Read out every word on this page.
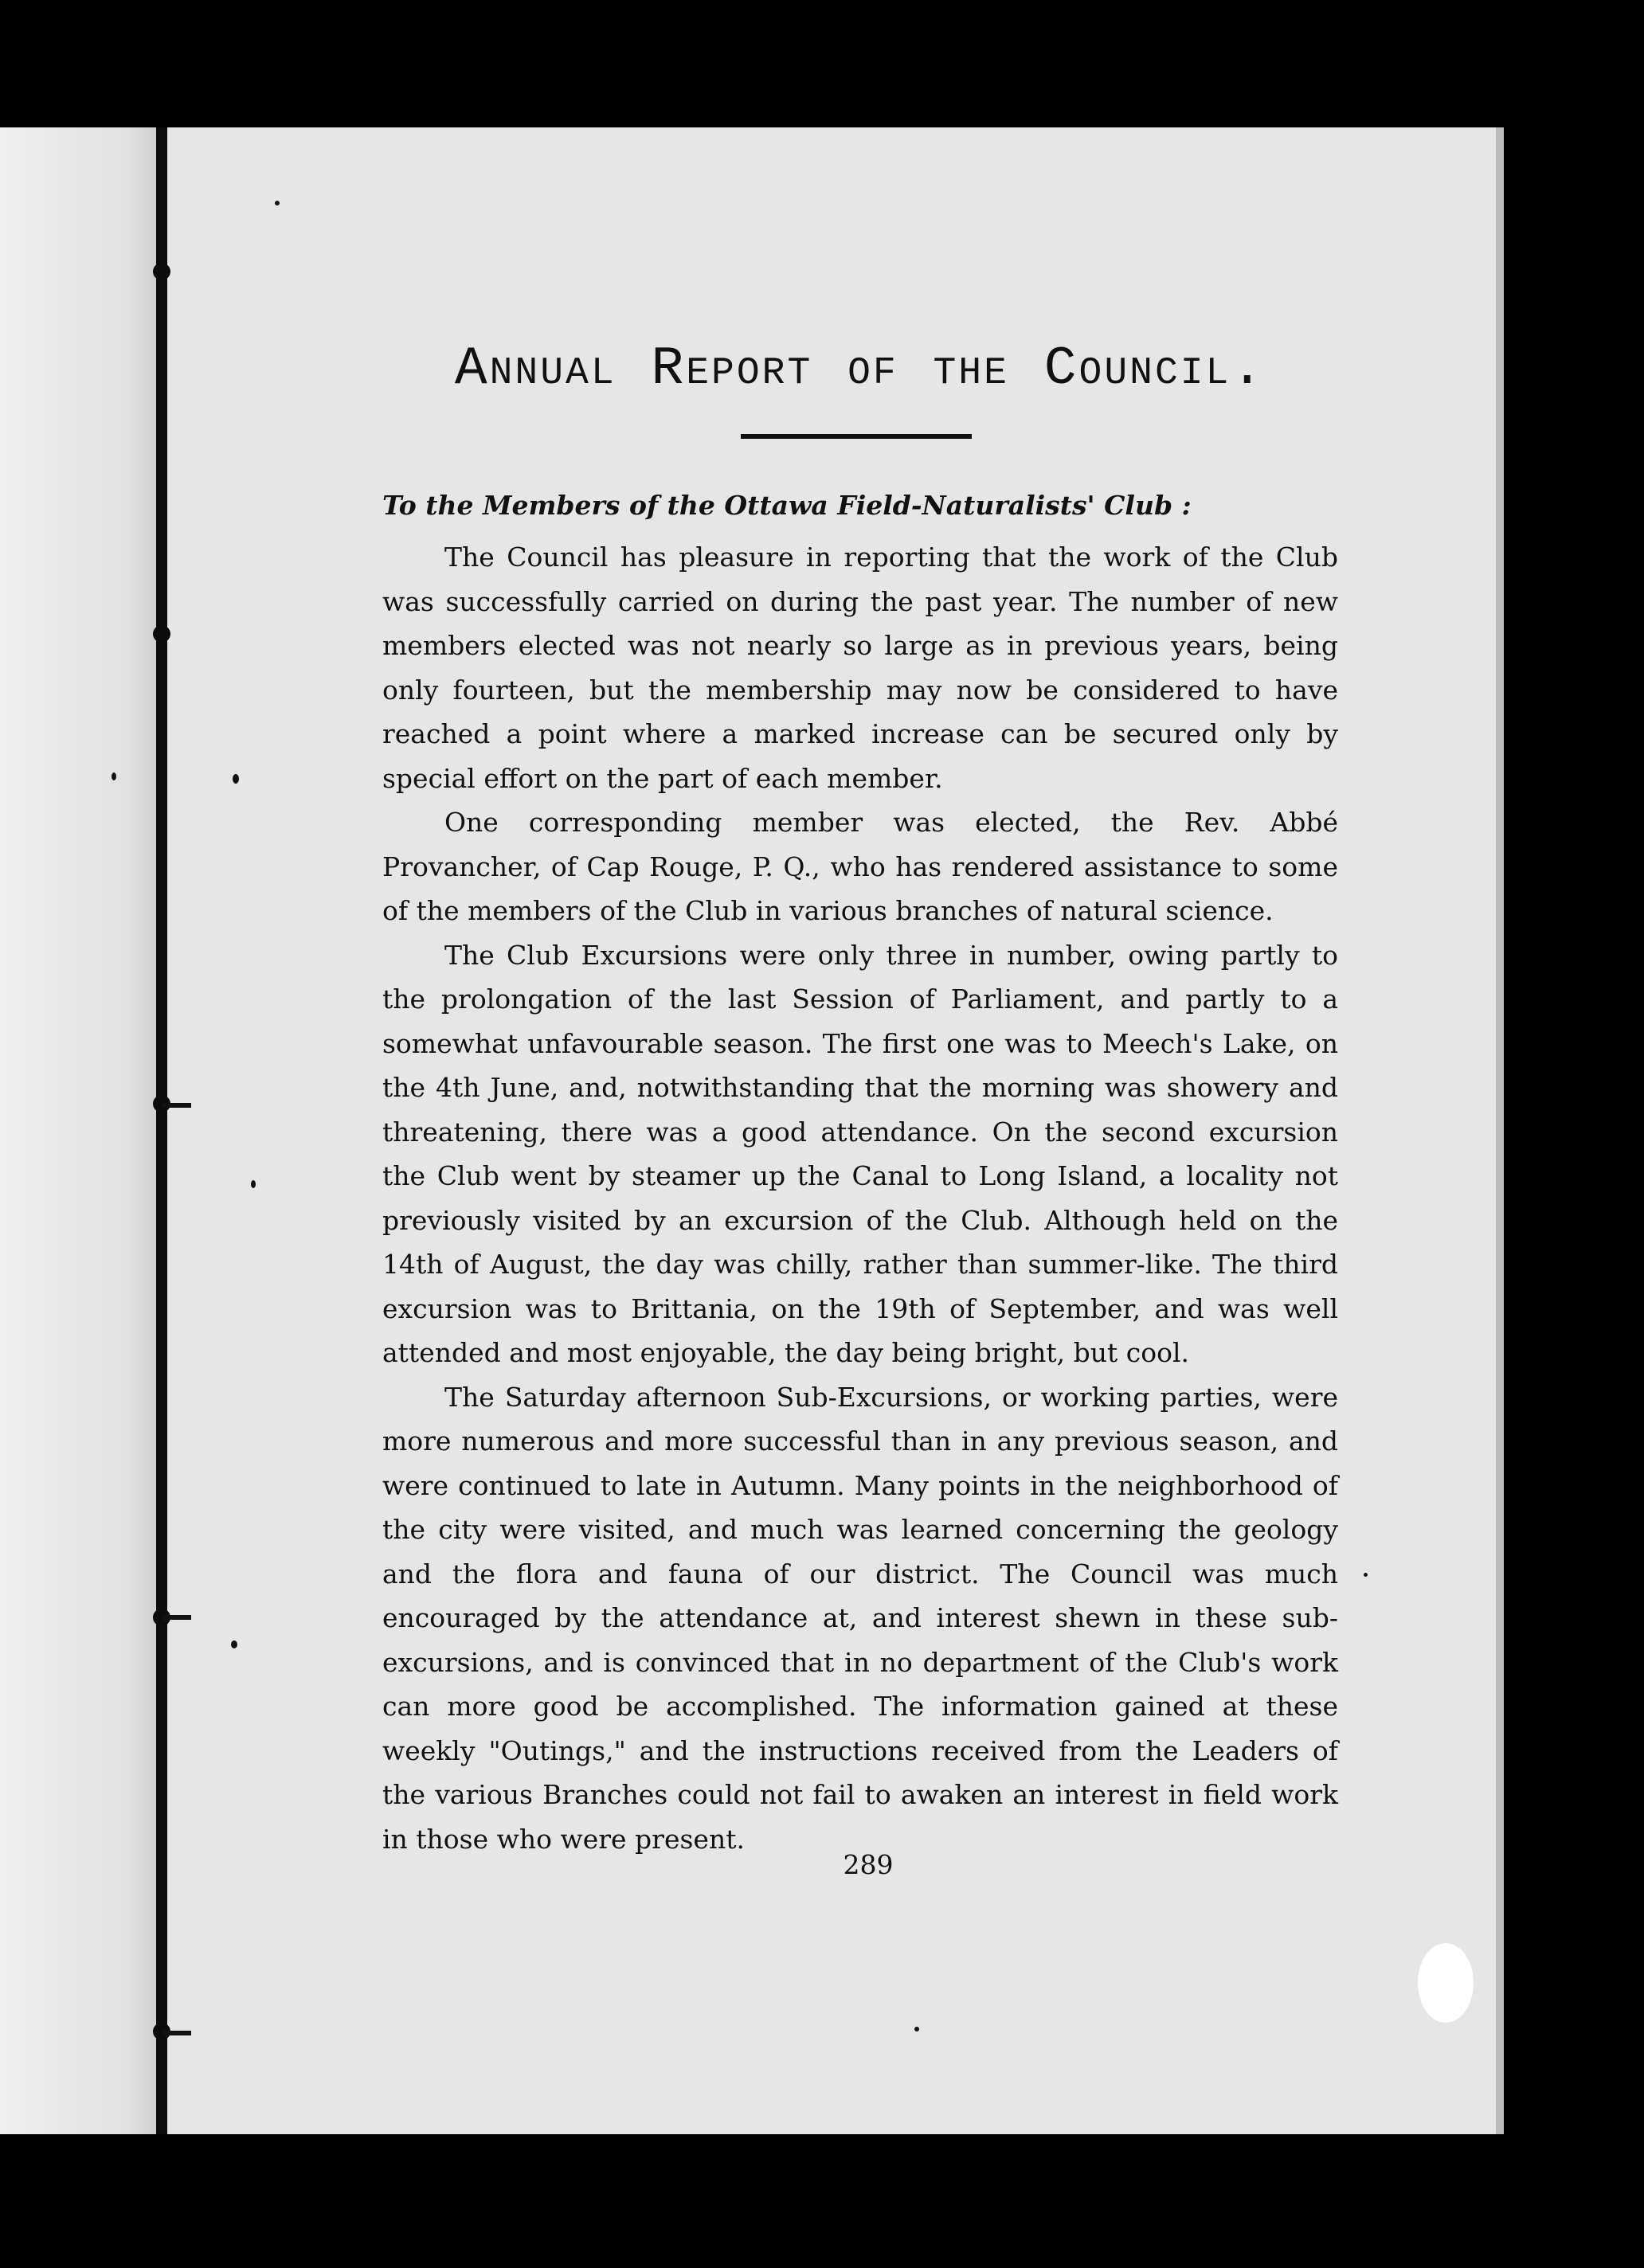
Annual Report of the Council.

To the Members of the Ottawa Field-Naturalists' Club :

The Council has pleasure in reporting that the work of the Club was successfully carried on during the past year. The number of new members elected was not nearly so large as in previous years, being only fourteen, but the membership may now be considered to have reached a point where a marked increase can be secured only by special effort on the part of each member.

One corresponding member was elected, the Rev. Abbé Provancher, of Cap Rouge, P. Q., who has rendered assistance to some of the members of the Club in various branches of natural science.

The Club Excursions were only three in number, owing partly to the prolongation of the last Session of Parliament, and partly to a somewhat unfavourable season. The first one was to Meech's Lake, on the 4th June, and, notwithstanding that the morning was showery and threatening, there was a good attendance. On the second excursion the Club went by steamer up the Canal to Long Island, a locality not previously visited by an excursion of the Club. Although held on the 14th of August, the day was chilly, rather than summer-like. The third excursion was to Brittania, on the 19th of September, and was well attended and most enjoyable, the day being bright, but cool.

The Saturday afternoon Sub-Excursions, or working parties, were more numerous and more successful than in any previous season, and were continued to late in Autumn. Many points in the neighborhood of the city were visited, and much was learned concerning the geology and the flora and fauna of our district. The Council was much encouraged by the attendance at, and interest shewn in these sub-excursions, and is convinced that in no department of the Club's work can more good be accomplished. The information gained at these weekly "Outings," and the instructions received from the Leaders of the various Branches could not fail to awaken an interest in field work in those who were present.

289
